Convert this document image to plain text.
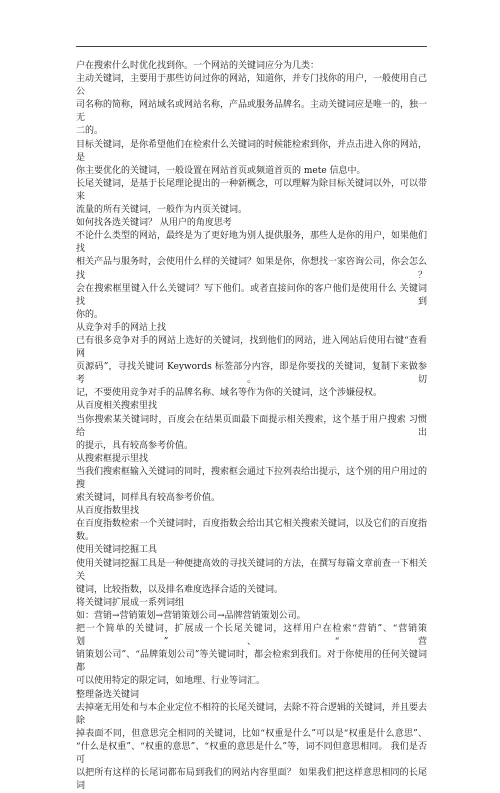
户在搜索什么时优化找到你。一个网站的关键词应分为几类：
主动关键词，主要用于那些访问过你的网站，知道你，并专门找你的用户，一般使用自己公
司名称的简称，网站域名或网站名称，产品或服务品牌名。主动关键词应是唯一的，独一无
二的。
目标关键词，是你希望他们在检索什么关键词的时候能检索到你，并点击进入你的网站，是
你主要优化的关键词，一般设置在网站首页或频道首页的 mete 信息中。
长尾关键词，是基于长尾理论提出的一种新概念，可以理解为除目标关键词以外，可以带来
流量的所有关键词，一般作为内页关键词。
如何找各选关键词？ 从用户的角度思考
不论什么类型的网站，最终是为了更好地为别人提供服务，那些人是你的用户，如果他们找
相关产品与服务时，会使用什么样的关键词？如果是你，你想找一家咨询公司，你会怎么找？
会在搜索框里键入什么关键词？写下他们。或者直接问你的客户他们是使用什么 关键词找到
你的。
从竞争对手的网站上找
已有很多竞争对手的网站上选好的关键词，找到他们的网站，进入网站后使用右键“查看网
页源码”，寻找关键词 Keywords 标签部分内容，即是你要找的关键词，复制下来做参考。切
记，不要使用竞争对手的品牌名称、域名等作为你的关键词，这个涉嫌侵权。
从百度相关搜索里找
当你搜索某关键词时，百度会在结果页面最下面提示相关搜索，这个基于用户搜索 习惯给出
的提示，具有较高参考价值。
从搜索框提示里找
当我们搜索框输入关键词的同时，搜索框会通过下拉列表给出提示，这个别的用户用过的搜
索关键词，同样具有较高参考价值。
从百度指数里找
在百度指数检索一个关键词时，百度指数会给出其它相关搜索关键词，以及它们的百度指
数。
使用关键词挖掘工具
使用关键词挖掘工具是一种便捷高效的寻找关键词的方法，在撰写每篇文章前查一下相关关
键词，比较指数，以及排名难度选择合适的关键词。
将关键词扩展成一系列词组
如：营销→营销策划→营销策划公司→品牌营销策划公司。
把一个简单的关键词，扩展成一个长尾关键词，这样用户在检索“营销”、“营销策划”、“营
销策划公司”、“品牌策划公司”等关键词时，都会检索到我们。对于你使用的任何关键词都
可以使用特定的限定词，如地理、行业等词汇。
整理备选关键词
去掉毫无用处和与本企业定位不相符的长尾关键词，去除不符合逻辑的关键词，并且要去除
掉表面不同，但意思完全相同的关键词，比如“权重是什么”可以是“权重是什么意思”、
“什么是权重”、“权重的意思”、“权重的意思是什么”等，词不同但意思相同。 我们是否可
以把所有这样的长尾词都布局到我们的网站内容里面？ 如果我们把这样意思相同的长尾词
